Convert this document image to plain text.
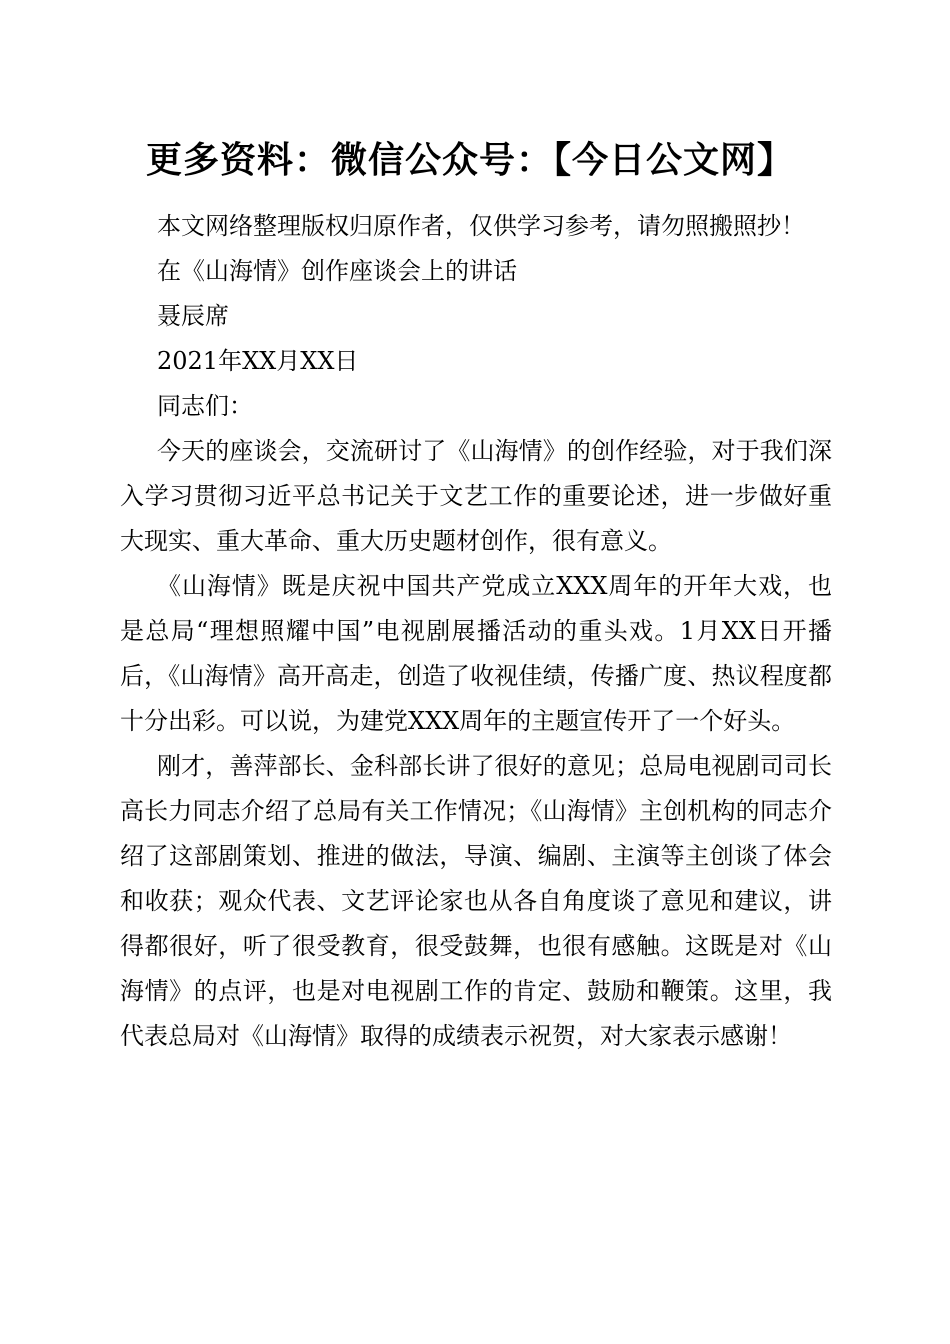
更多资料：微信公众号：【今日公文网】

本文网络整理版权归原作者，仅供学习参考，请勿照搬照抄！

在《山海情》创作座谈会上的讲话

聂辰席

2021年XX月XX日

同志们：

今天的座谈会，交流研讨了《山海情》的创作经验，对于我们深入学习贯彻习近平总书记关于文艺工作的重要论述，进一步做好重大现实、重大革命、重大历史题材创作，很有意义。

《山海情》既是庆祝中国共产党成立XXX周年的开年大戏，也是总局“理想照耀中国”电视剧展播活动的重头戏。1月XX日开播后，《山海情》高开高走，创造了收视佳绩，传播广度、热议程度都十分出彩。可以说，为建党XXX周年的主题宣传开了一个好头。

刚才，善萍部长、金科部长讲了很好的意见；总局电视剧司司长高长力同志介绍了总局有关工作情况；《山海情》主创机构的同志介绍了这部剧策划、推进的做法，导演、编剧、主演等主创谈了体会和收获；观众代表、文艺评论家也从各自角度谈了意见和建议，讲得都很好，听了很受教育，很受鼓舞，也很有感触。这既是对《山海情》的点评，也是对电视剧工作的肯定、鼓励和鞭策。这里，我代表总局对《山海情》取得的成绩表示祝贺，对大家表示感谢！
